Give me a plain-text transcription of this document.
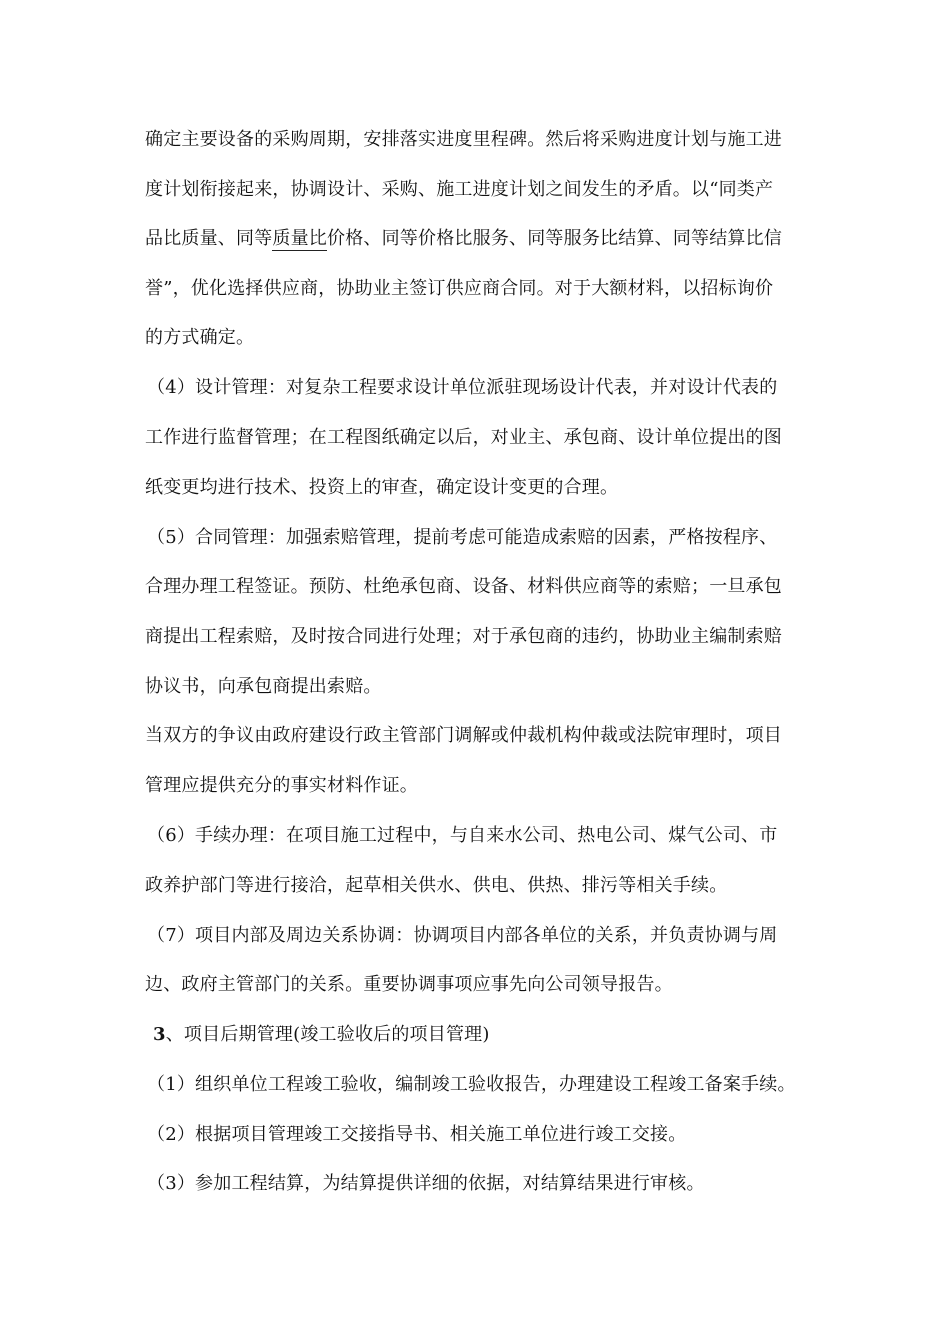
确定主要设备的采购周期，安排落实进度里程碑。然后将采购进度计划与施工进
度计划衔接起来，协调设计、采购、施工进度计划之间发生的矛盾。以“同类产
品比质量、同等质量比价格、同等价格比服务、同等服务比结算、同等结算比信
誉”，优化选择供应商，协助业主签订供应商合同。对于大额材料，以招标询价
的方式确定。
（4）设计管理：对复杂工程要求设计单位派驻现场设计代表，并对设计代表的
工作进行监督管理；在工程图纸确定以后，对业主、承包商、设计单位提出的图
纸变更均进行技术、投资上的审查，确定设计变更的合理。
（5）合同管理：加强索赔管理，提前考虑可能造成索赔的因素，严格按程序、
合理办理工程签证。预防、杜绝承包商、设备、材料供应商等的索赔；一旦承包
商提出工程索赔，及时按合同进行处理；对于承包商的违约，协助业主编制索赔
协议书，向承包商提出索赔。
当双方的争议由政府建设行政主管部门调解或仲裁机构仲裁或法院审理时，项目
管理应提供充分的事实材料作证。
（6）手续办理：在项目施工过程中，与自来水公司、热电公司、煤气公司、市
政养护部门等进行接洽，起草相关供水、供电、供热、排污等相关手续。
（7）项目内部及周边关系协调：协调项目内部各单位的关系，并负责协调与周
边、政府主管部门的关系。重要协调事项应事先向公司领导报告。
3、项目后期管理(竣工验收后的项目管理)
（1）组织单位工程竣工验收，编制竣工验收报告，办理建设工程竣工备案手续。
（2）根据项目管理竣工交接指导书、相关施工单位进行竣工交接。
（3）参加工程结算，为结算提供详细的依据，对结算结果进行审核。
